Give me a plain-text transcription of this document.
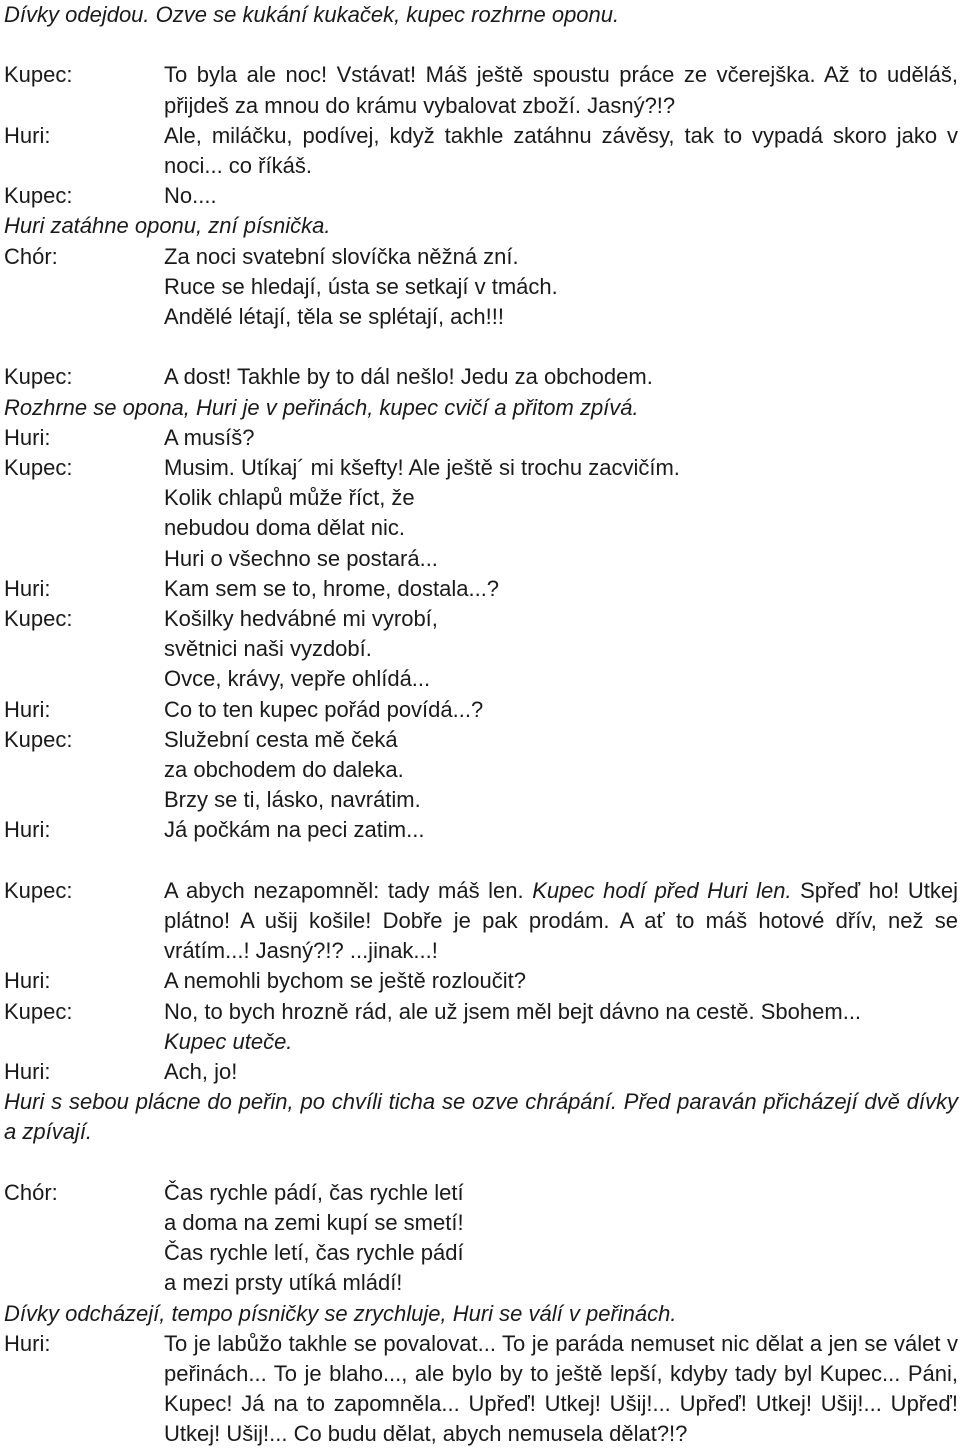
Dívky odejdou. Ozve se kukání kukaček, kupec rozhrne oponu.
Kupec:	To byla ale noc! Vstávat! Máš ještě spoustu práce ze včerejška. Až to uděláš, přijdeš za mnou do krámu vybalovat zboží. Jasný?!?
Huri:	Ale, miláčku, podívej, když takhle zatáhnu závěsy, tak to vypadá skoro jako v noci... co říkáš.
Kupec:	No....
Huri zatáhne oponu, zní písnička.
Chór:	Za noci svatební slovíčka něžná zní.
Ruce se hledají, ústa se setkají v tmách.
Andělé létají, těla se splétají, ach!!!
Kupec:	A dost! Takhle by to dál nešlo! Jedu za obchodem.
Rozhrne se opona, Huri je v peřinách, kupec cvičí a přitom zpívá.
Huri:	A musíš?
Kupec:	Musim. Utíkaj´ mi kšefty! Ale ještě si trochu zacvičím.
Kolik chlapů může říct, že
nebudou doma dělat nic.
Huri o všechno se postará...
Huri:	Kam sem se to, hrome, dostala...?
Kupec:	Košilky hedvábné mi vyrobí,
světnici naši vyzdobí.
Ovce, krávy, vepře ohlídá...
Huri:	Co to ten kupec pořád povídá...?
Kupec:	Služební cesta mě čeká
za obchodem do daleka.
Brzy se ti, lásko, navrátim.
Huri:	Já počkám na peci zatim...
Kupec:	A abych nezapomněl: tady máš len. Kupec hodí před Huri len. Spřeď ho! Utkej plátno! A ušij košile! Dobře je pak prodám. A ať to máš hotové dřív, než se vrátím...! Jasný?!? ...jinak...!
Huri:	A nemohli bychom se ještě rozloučit?
Kupec:	No, to bych hrozně rád, ale už jsem měl bejt dávno na cestě. Sbohem...
Kupec uteče.
Huri:	Ach, jo!
Huri s sebou plácne do peřin, po chvíli ticha se ozve chrápání. Před paraván přicházejí dvě dívky a zpívají.
Chór:	Čas rychle pádí, čas rychle letí
a doma na zemi kupí se smetí!
Čas rychle letí, čas rychle pádí
a mezi prsty utíká mládí!
Dívky odcházejí, tempo písničky se zrychluje, Huri se válí v peřinách.
Huri:	To je labůžo takhle se povalovat... To je paráda nemuset nic dělat a jen se válet v peřinách... To je blaho..., ale bylo by to ještě lepší, kdyby tady byl Kupec... Páni, Kupec! Já na to zapomněla... Upřeď! Utkej! Ušij!... Upřeď! Utkej! Ušij!... Upřeď! Utkej! Ušij!... Co budu dělat, abych nemusela dělat?!?
